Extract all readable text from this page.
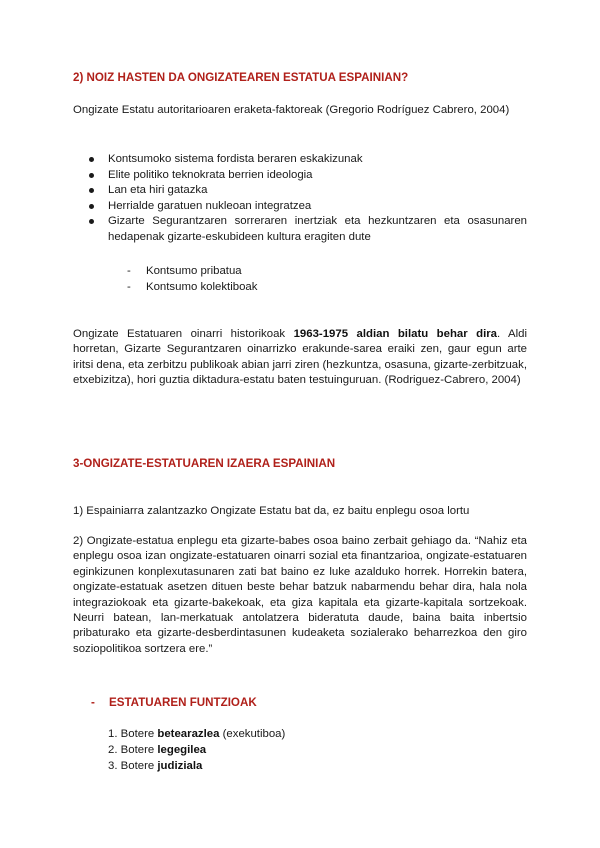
2) NOIZ HASTEN DA ONGIZATEAREN ESTATUA ESPAINIAN?

Ongizate Estatu autoritarioaren eraketa-faktoreak (Gregorio Rodríguez Cabrero, 2004)

Kontsumoko sistema fordista beraren eskakizunak
Elite politiko teknokrata berrien ideologia
Lan eta hiri gatazka
Herrialde garatuen nukleoan integratzea
Gizarte Segurantzaren sorreraren inertziak eta hezkuntzaren eta osasunaren hedapenak gizarte-eskubideen kultura eragiten dute
- Kontsumo pribatua
- Kontsumo kolektiboak

Ongizate Estatuaren oinarri historikoak 1963-1975 aldian bilatu behar dira. Aldi horretan, Gizarte Segurantzaren oinarrizko erakunde-sarea eraiki zen, gaur egun arte iritsi dena, eta zerbitzu publikoak abian jarri ziren (hezkuntza, osasuna, gizarte-zerbitzuak, etxebizitza), hori guztia diktadura-estatu baten testuinguruan. (Rodriguez-Cabrero, 2004)

3-ONGIZATE-ESTATUAREN IZAERA ESPAINIAN

1) Espainiarra zalantzazko Ongizate Estatu bat da, ez baitu enplegu osoa lortu

2) Ongizate-estatua enplegu eta gizarte-babes osoa baino zerbait gehiago da. “Nahiz eta enplegu osoa izan ongizate-estatuaren oinarri sozial eta finantzarioa, ongizate-estatuaren eginkizunen konplexutasunaren zati bat baino ez luke azalduko horrek. Horrekin batera, ongizate-estatuak asetzen dituen beste behar batzuk nabarmendu behar dira, hala nola integraziokoak eta gizarte-bakekoak, eta giza kapitala eta gizarte-kapitala sortzekoak. Neurri batean, lan-merkatuak antolatzera bideratuta daude, baina baita inbertsio pribaturako eta gizarte-desberdintasunen kudeaketa sozialerako beharrezkoa den giro soziopolitikoa sortzera ere.”

- ESTATUAREN FUNTZIOAK
1. Botere betearazlea (exekutiboa)
2. Botere legegilea
3. Botere judiziala
